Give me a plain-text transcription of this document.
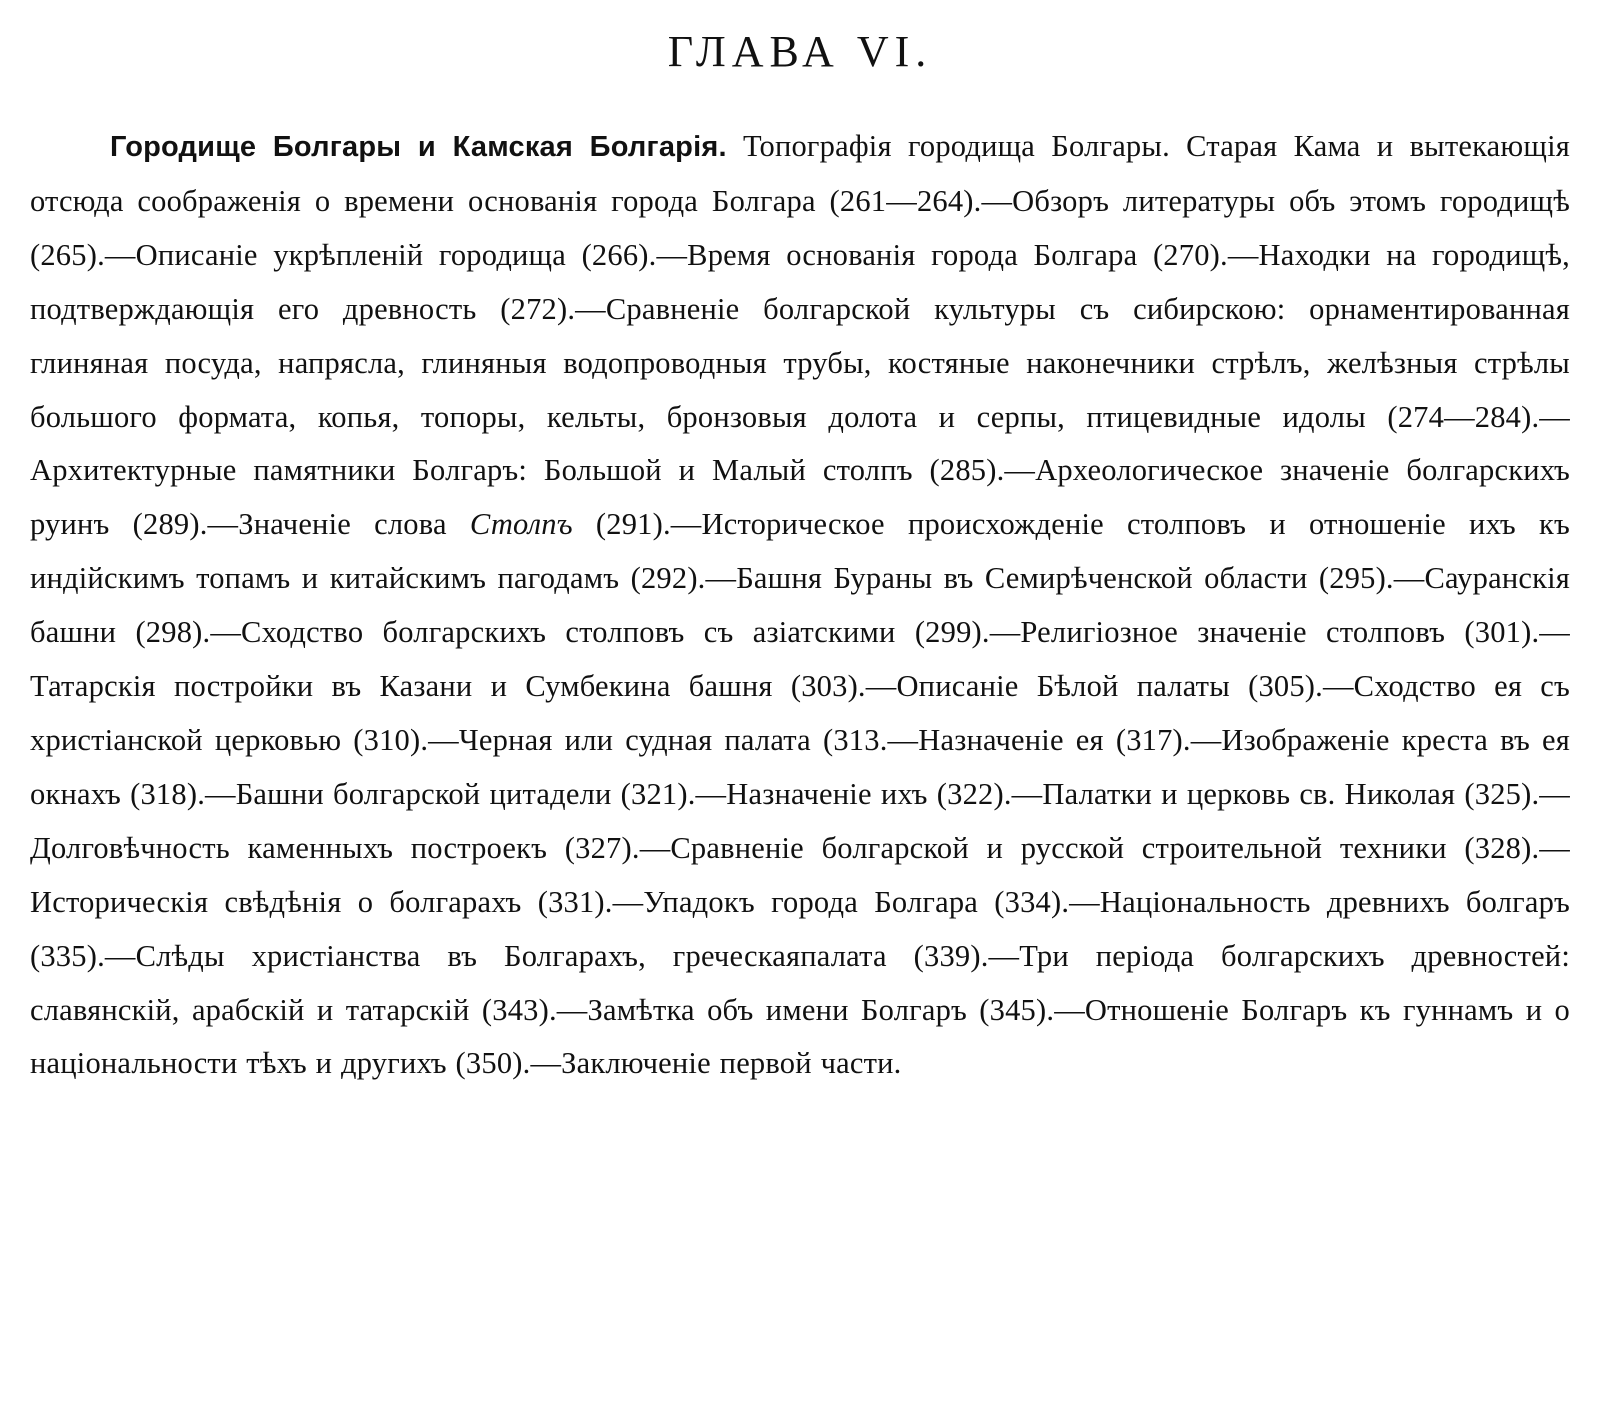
ГЛАВА VI.

Городище Болгары и Камская Болгарія. Топографія городища Болгары. Старая Кама и вытекающія отсюда соображенія о времени основанія города Болгара (261—264).—Обзоръ литературы объ этомъ городищѣ (265).—Описаніе укрѣпленій городища (266).—Время основанія города Болгара (270).—Находки на городищѣ, подтверждающія его древность (272).—Сравненіе болгарской культуры съ сибирскою: орнаментированная глиняная посуда, напрясла, глиняныя водопроводныя трубы, костяные наконечники стрѣлъ, желѣзныя стрѣлы большого формата, копья, топоры, кельты, бронзовыя долота и серпы, птицевидные идолы (274—284).—Архитектурные памятники Болгаръ: Большой и Малый столпъ (285).—Археологическое значеніе болгарскихъ руинъ (289).—Значеніе слова Столпъ (291).—Историческое происхожденіе столповъ и отношеніе ихъ къ индійскимъ топамъ и китайскимъ пагодамъ (292).—Башня Бураны въ Семирѣченской области (295).—Сауранскія башни (298).—Сходство болгарскихъ столповъ съ азіатскими (299).—Религіозное значеніе столповъ (301).—Татарскія постройки въ Казани и Сумбекина башня (303).—Описаніе Бѣлой палаты (305).—Сходство ея съ христіанской церковью (310).—Черная или судная палата (313.—Назначеніе ея (317).—Изображеніе креста въ ея окнахъ (318).—Башни болгарской цитадели (321).—Назначеніе ихъ (322).—Палатки и церковь св. Николая (325).—Долговѣчность каменныхъ построекъ (327).—Сравненіе болгарской и русской строительной техники (328).—Историческія свѣдѣнія о болгарахъ (331).—Упадокъ города Болгара (334).—Національность древнихъ болгаръ (335).—Слѣды христіанства въ Болгарахъ, греческаяпалата (339).—Три періода болгарскихъ древностей: славянскій, арабскій и татарскій (343).—Замѣтка объ имени Болгаръ (345).—Отношеніе Болгаръ къ гуннамъ и о національности тѣхъ и другихъ (350).—Заключеніе первой части.
